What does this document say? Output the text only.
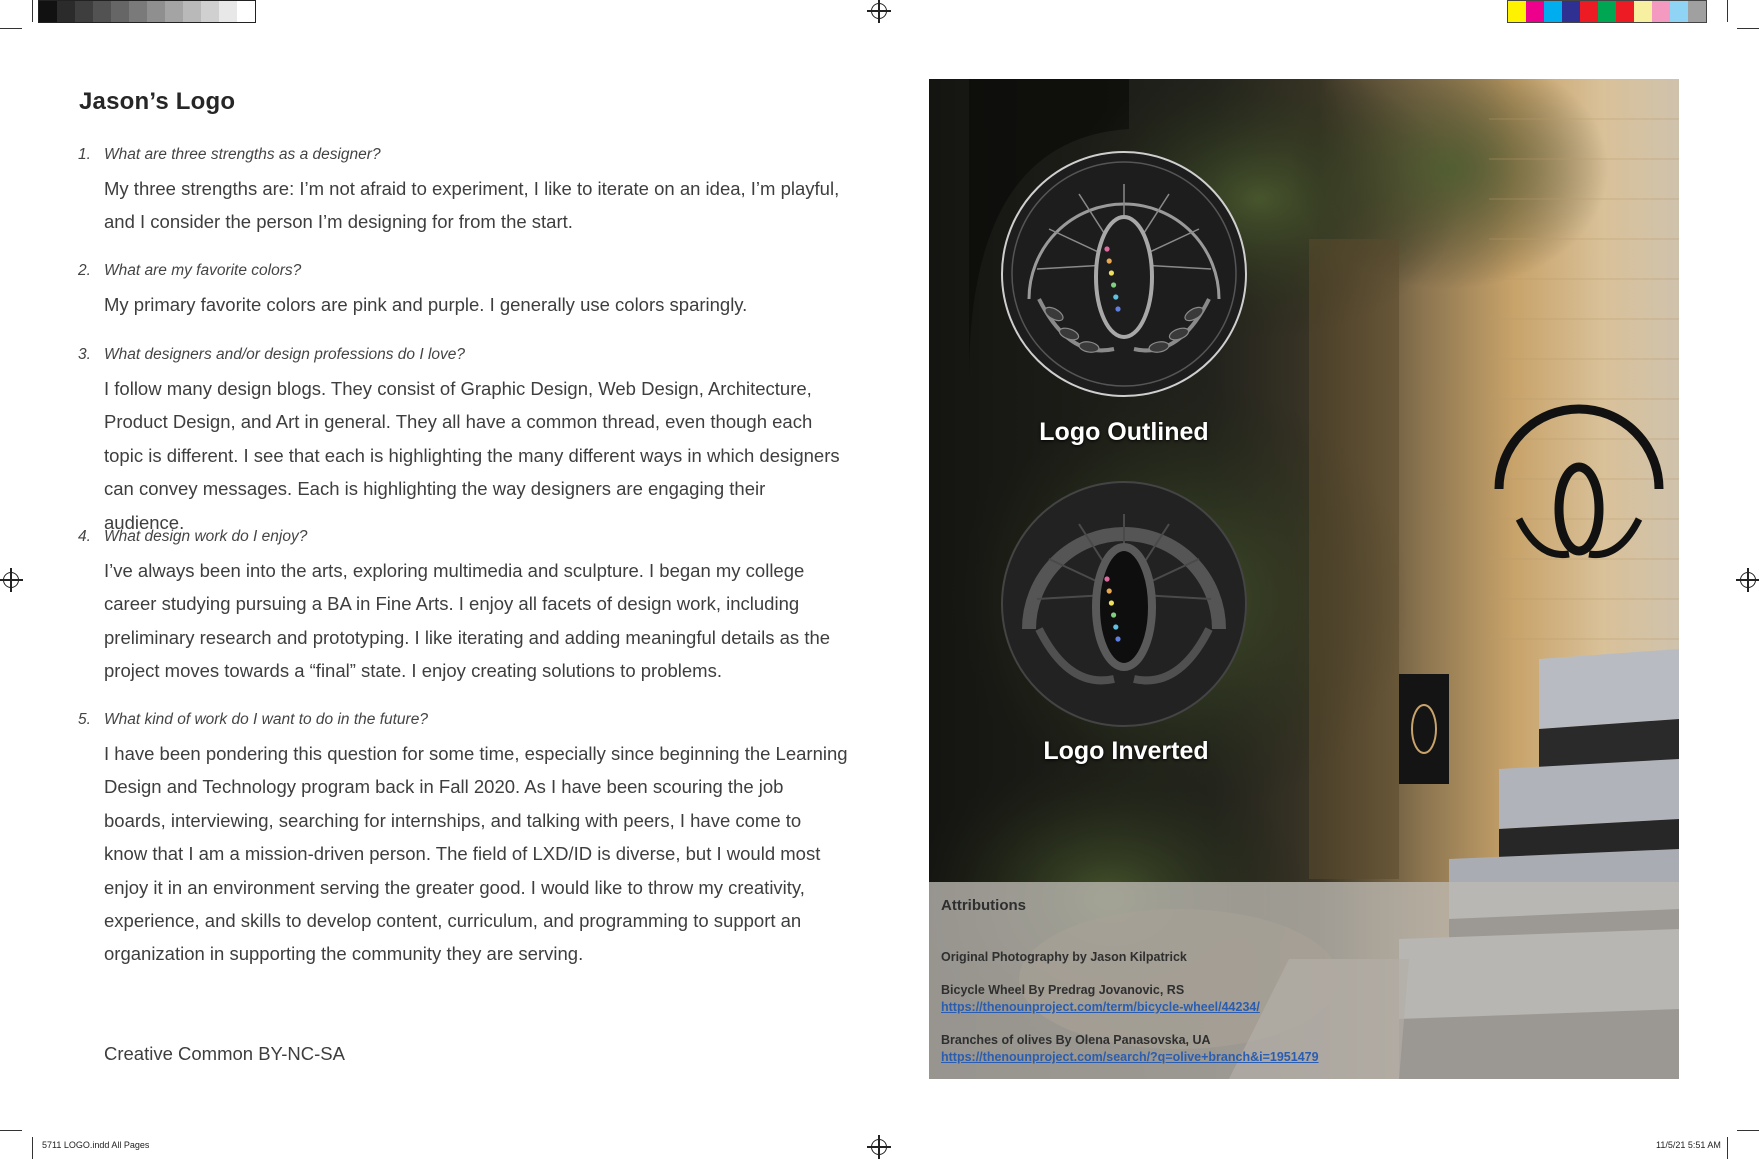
5711 LOGO.indd All Pages	11/5/21 5:51 AM
Jason’s Logo
1. What are three strengths as a designer?
My three strengths are: I’m not afraid to experiment, I like to iterate on an idea, I’m playful, and I consider the person I’m designing for from the start.
2. What are my favorite colors?
My primary favorite colors are pink and purple. I generally use colors sparingly.
3. What designers and/or design professions do I love?
I follow many design blogs. They consist of Graphic Design, Web Design, Architecture, Product Design, and Art in general. They all have a common thread, even though each topic is different. I see that each is highlighting the many different ways in which designers can convey messages. Each is highlighting the way designers are engaging their audience.
4. What design work do I enjoy?
I’ve always been into the arts, exploring multimedia and sculpture. I began my college career studying pursuing a BA in Fine Arts. I enjoy all facets of design work, including preliminary research and prototyping. I like iterating and adding meaningful details as the project moves towards a “final” state. I enjoy creating solutions to problems.
5. What kind of work do I want to do in the future?
I have been pondering this question for some time, especially since beginning the Learning Design and Technology program back in Fall 2020. As I have been scouring the job boards, interviewing, searching for internships, and talking with peers, I have come to know that I am a mission-driven person. The field of LXD/ID is diverse, but I would most enjoy it in an environment serving the greater good. I would like to throw my creativity, experience, and skills to develop content, curriculum, and programming to support an organization in supporting the community they are serving.
Creative Common BY-NC-SA
Logo Outlined
Logo Inverted
Attributions
Original Photography by Jason Kilpatrick
Bicycle Wheel By Predrag Jovanovic, RS
https://thenounproject.com/term/bicycle-wheel/44234/
Branches of olives By Olena Panasovska, UA
https://thenounproject.com/search/?q=olive+branch&i=1951479
